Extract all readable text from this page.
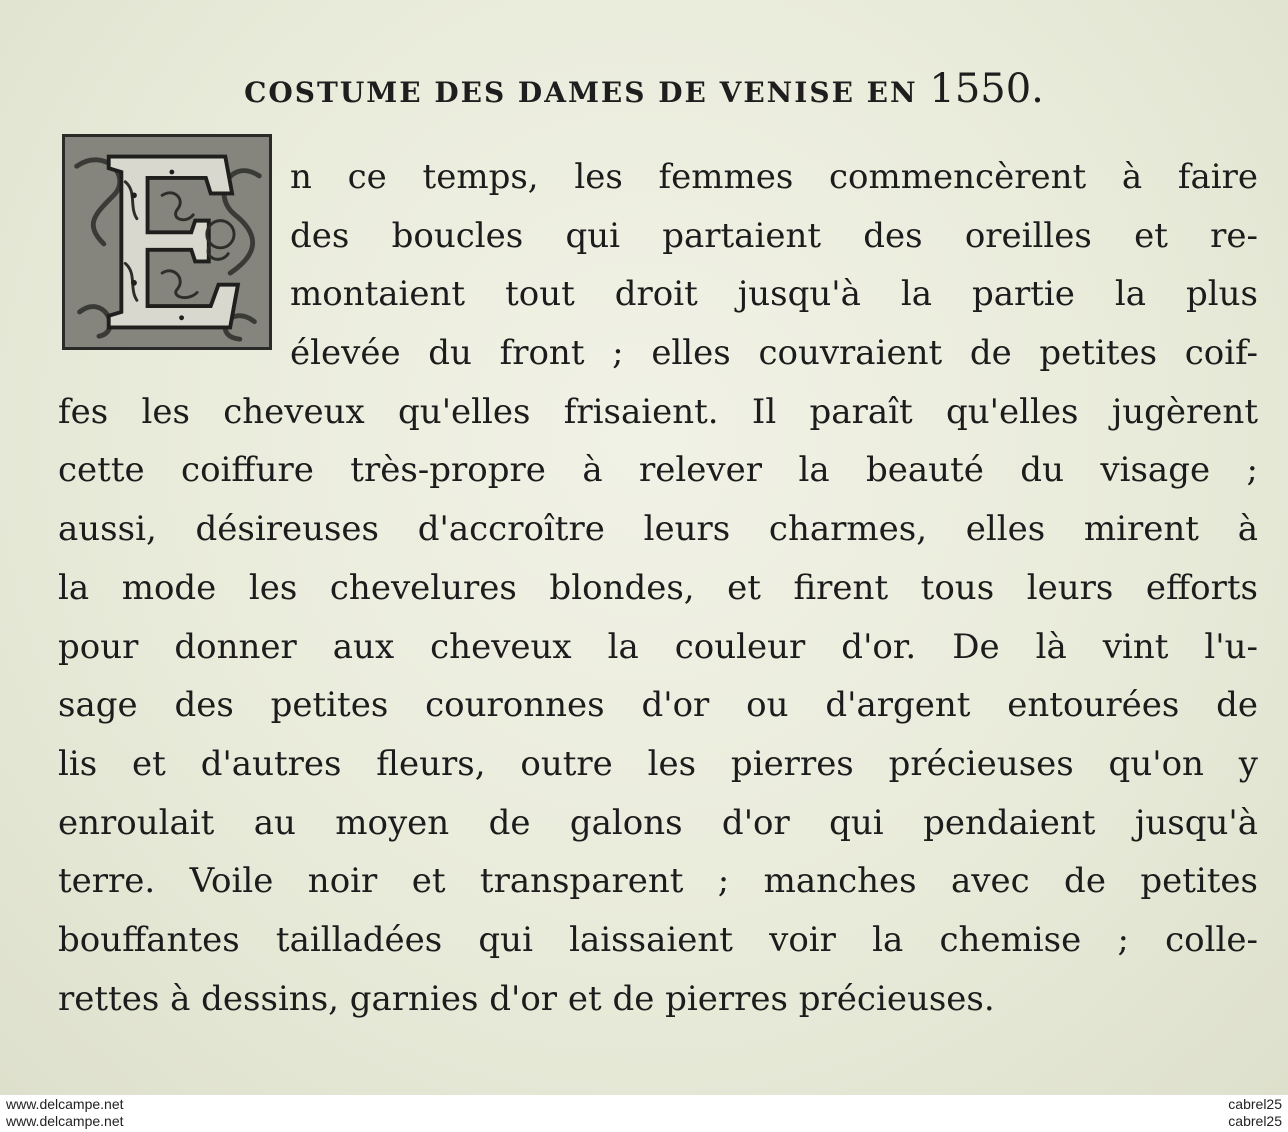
COSTUME DES DAMES DE VENISE EN 1550.
n ce temps, les femmes commencèrent à faire
des boucles qui partaient des oreilles et re-
montaient tout droit jusqu'à la partie la plus
élevée du front ; elles couvraient de petites coif-
fes les cheveux qu'elles frisaient. Il paraît qu'elles jugèrent
cette coiffure très-propre à relever la beauté du visage ;
aussi, désireuses d'accroître leurs charmes, elles mirent à
la mode les chevelures blondes, et firent tous leurs efforts
pour donner aux cheveux la couleur d'or. De là vint l'u-
sage des petites couronnes d'or ou d'argent entourées de
lis et d'autres fleurs, outre les pierres précieuses qu'on y
enroulait au moyen de galons d'or qui pendaient jusqu'à
terre. Voile noir et transparent ; manches avec de petites
bouffantes tailladées qui laissaient voir la chemise ; colle-
rettes à dessins, garnies d'or et de pierres précieuses.
www.delcampe.net
www.delcampe.net
cabrel25
cabrel25
